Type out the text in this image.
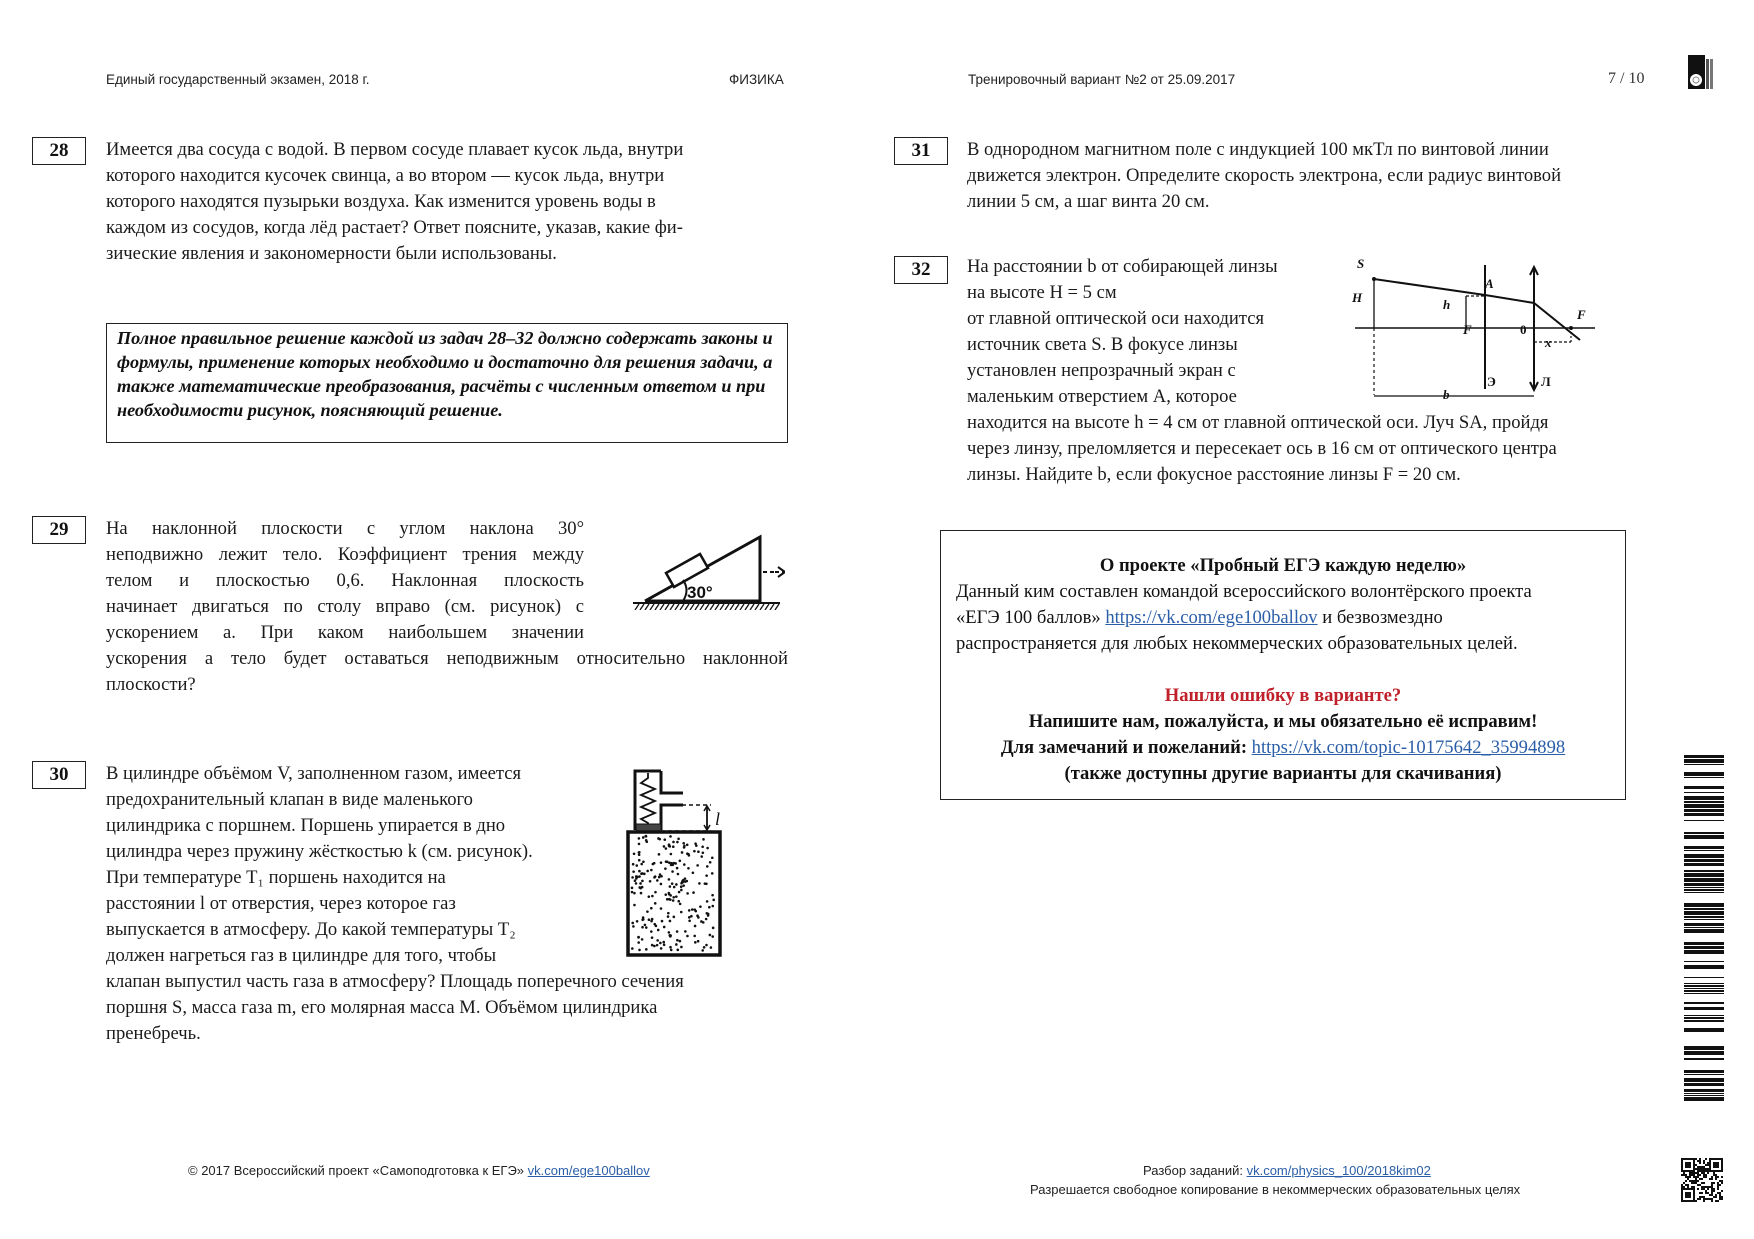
Единый государственный экзамен, 2018 г.	ФИЗИКА	Тренировочный вариант №2 от 25.09.2017	7 / 10
28	Имеется два сосуда с водой. В первом сосуде плавает кусок льда, внутри

которого находится кусочек свинца, а во втором — кусок льда, внутри

которого находятся пузырьки воздуха. Как изменится уровень воды в

каждом из сосудов, когда лёд растает? Ответ поясните, указав, какие фи-

зические явления и закономерности были использованы.

Полное правильное решение каждой из задач 28–32 должно содержать законы и формулы, применение которых необходимо и достаточно для решения задачи, а также математические преобразования, расчёты с численным ответом и при необходимости рисунок, поясняющий решение.
29	На наклонной плоскости с углом наклона 30°

неподвижно лежит тело. Коэффициент трения между

телом и плоскостью 0,6. Наклонная плоскость

начинает двигаться по столу вправо (см. рисунок) с

ускорением a. При каком наибольшем значении

ускорения a тело будет оставаться неподвижным относительно наклонной

плоскости?

30°
30	В цилиндре объёмом V, заполненном газом, имеется

предохранительный клапан в виде маленького

цилиндрика с поршнем. Поршень упирается в дно

цилиндра через пружину жёсткостью k (см. рисунок).

При температуре T₁ поршень находится на

расстоянии l от отверстия, через которое газ

выпускается в атмосферу. До какой температуры T₂

должен нагреться газ в цилиндре для того, чтобы

клапан выпустил часть газа в атмосферу? Площадь поперечного сечения

поршня S, масса газа m, его молярная масса M. Объёмом цилиндрика

пренебречь.

l
31	В однородном магнитном поле с индукцией 100 мкТл по винтовой линии

движется электрон. Определите скорость электрона, если радиус винтовой

линии 5 см, а шаг винта 20 см.

32	На расстоянии b от собирающей линзы

на высоте H = 5 см

от главной оптической оси находится

источник света S. В фокусе линзы

установлен непрозрачный экран с

маленьким отверстием А, которое

находится на высоте h = 4 см от главной оптической оси. Луч SA, пройдя

через линзу, преломляется и пересекает ось в 16 см от оптического центра

линзы. Найдите b, если фокусное расстояние линзы F = 20 см.

S
H	h
A
F	0
F
x
Э	Л
b
О проекте «Пробный ЕГЭ каждую неделю»
Данный ким составлен командой всероссийского волонтёрского проекта
«ЕГЭ 100 баллов» https://vk.com/ege100ballov и безвозмездно
распространяется для любых некоммерческих образовательных целей.
Нашли ошибку в варианте?
Напишите нам, пожалуйста, и мы обязательно её исправим!
Для замечаний и пожеланий: https://vk.com/topic-10175642_35994898
(также доступны другие варианты для скачивания)
© 2017 Всероссийский проект «Самоподготовка к ЕГЭ» vk.com/ege100ballov	Разбор заданий: vk.com/physics_100/2018kim02
Разрешается свободное копирование в некоммерческих образовательных целях
